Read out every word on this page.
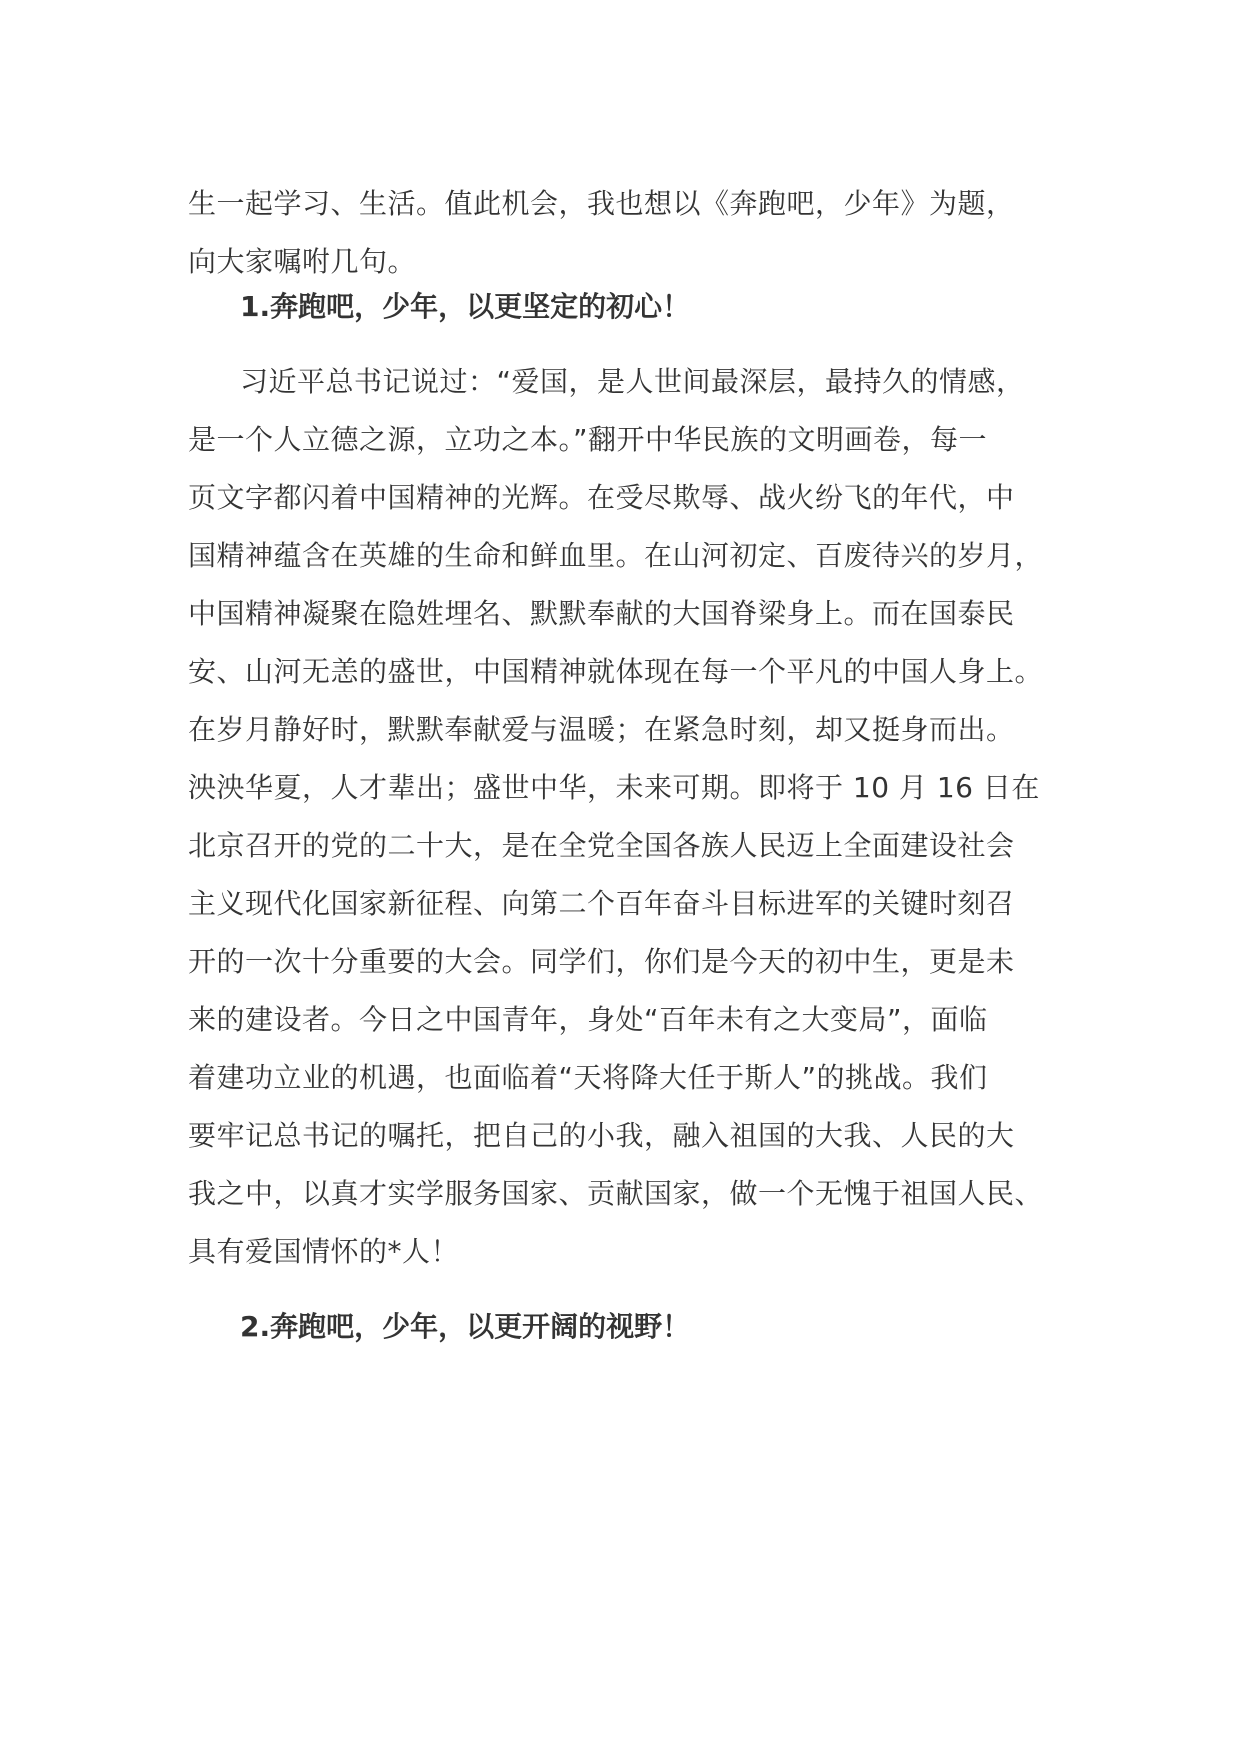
生一起学习、生活。值此机会，我也想以《奔跑吧，少年》为题，
向大家嘱咐几句。
1.奔跑吧，少年，以更坚定的初心！
习近平总书记说过：“爱国，是人世间最深层，最持久的情感，
是一个人立德之源，立功之本。”翻开中华民族的文明画卷，每一
页文字都闪着中国精神的光辉。在受尽欺辱、战火纷飞的年代，中
国精神蕴含在英雄的生命和鲜血里。在山河初定、百废待兴的岁月，
中国精神凝聚在隐姓埋名、默默奉献的大国脊梁身上。而在国泰民
安、山河无恙的盛世，中国精神就体现在每一个平凡的中国人身上。
在岁月静好时，默默奉献爱与温暖；在紧急时刻，却又挺身而出。
泱泱华夏，人才辈出；盛世中华，未来可期。即将于 10 月 16 日在
北京召开的党的二十大，是在全党全国各族人民迈上全面建设社会
主义现代化国家新征程、向第二个百年奋斗目标进军的关键时刻召
开的一次十分重要的大会。同学们，你们是今天的初中生，更是未
来的建设者。今日之中国青年，身处“百年未有之大变局”，面临
着建功立业的机遇，也面临着“天将降大任于斯人”的挑战。我们
要牢记总书记的嘱托，把自己的小我，融入祖国的大我、人民的大
我之中，以真才实学服务国家、贡献国家，做一个无愧于祖国人民、
具有爱国情怀的*人！
2.奔跑吧，少年，以更开阔的视野！
